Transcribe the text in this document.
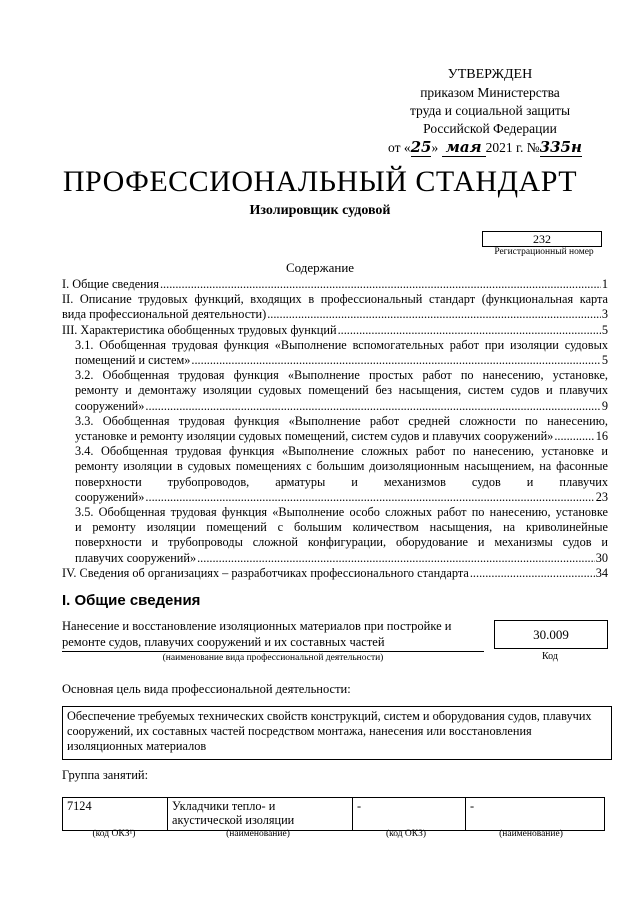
УТВЕРЖДЕН
приказом Министерства
труда и социальной защиты
Российской Федерации
от «25» мая 2021 г. №335н
ПРОФЕССИОНАЛЬНЫЙ СТАНДАРТ
Изолировщик судовой
232
Регистрационный номер
Содержание
I. Общие сведения .....	1
II. Описание трудовых функций, входящих в профессиональный стандарт (функциональная карта
вида профессиональной деятельности) .....	3
III. Характеристика обобщенных трудовых функций .....	5
3.1. Обобщенная трудовая функция «Выполнение вспомогательных работ при изоляции судовых
помещений и систем» .....	5
3.2. Обобщенная трудовая функция «Выполнение простых работ по нанесению, установке,
ремонту и демонтажу изоляции судовых помещений без насыщения, систем судов и плавучих
сооружений» .....	9
3.3. Обобщенная трудовая функция «Выполнение работ средней сложности по нанесению,
установке и ремонту изоляции судовых помещений, систем судов и плавучих сооружений» .....	16
3.4. Обобщенная трудовая функция «Выполнение сложных работ по нанесению, установке и
ремонту изоляции в судовых помещениях с большим доизоляционным насыщением, на фасонные
поверхности трубопроводов, арматуры и механизмов судов и плавучих
сооружений» .....	23
3.5. Обобщенная трудовая функция «Выполнение особо сложных работ по нанесению, установке
и ремонту изоляции помещений с большим количеством насыщения, на криволинейные
поверхности и трубопроводы сложной конфигурации, оборудование и механизмы судов и
плавучих сооружений» .....	30
IV. Сведения об организациях – разработчиках профессионального стандарта .....	34
I. Общие сведения
Нанесение и восстановление изоляционных материалов при постройке и ремонте судов, плавучих сооружений и их составных частей
(наименование вида профессиональной деятельности)
30.009
Код
Основная цель вида профессиональной деятельности:
Обеспечение требуемых технических свойств конструкций, систем и оборудования судов, плавучих сооружений, их составных частей посредством монтажа, нанесения или восстановления изоляционных материалов
Группа занятий:
7124	Укладчики тепло- и акустической изоляции	-	-
(код ОКЗ¹)	(наименование)	(код ОКЗ)	(наименование)
